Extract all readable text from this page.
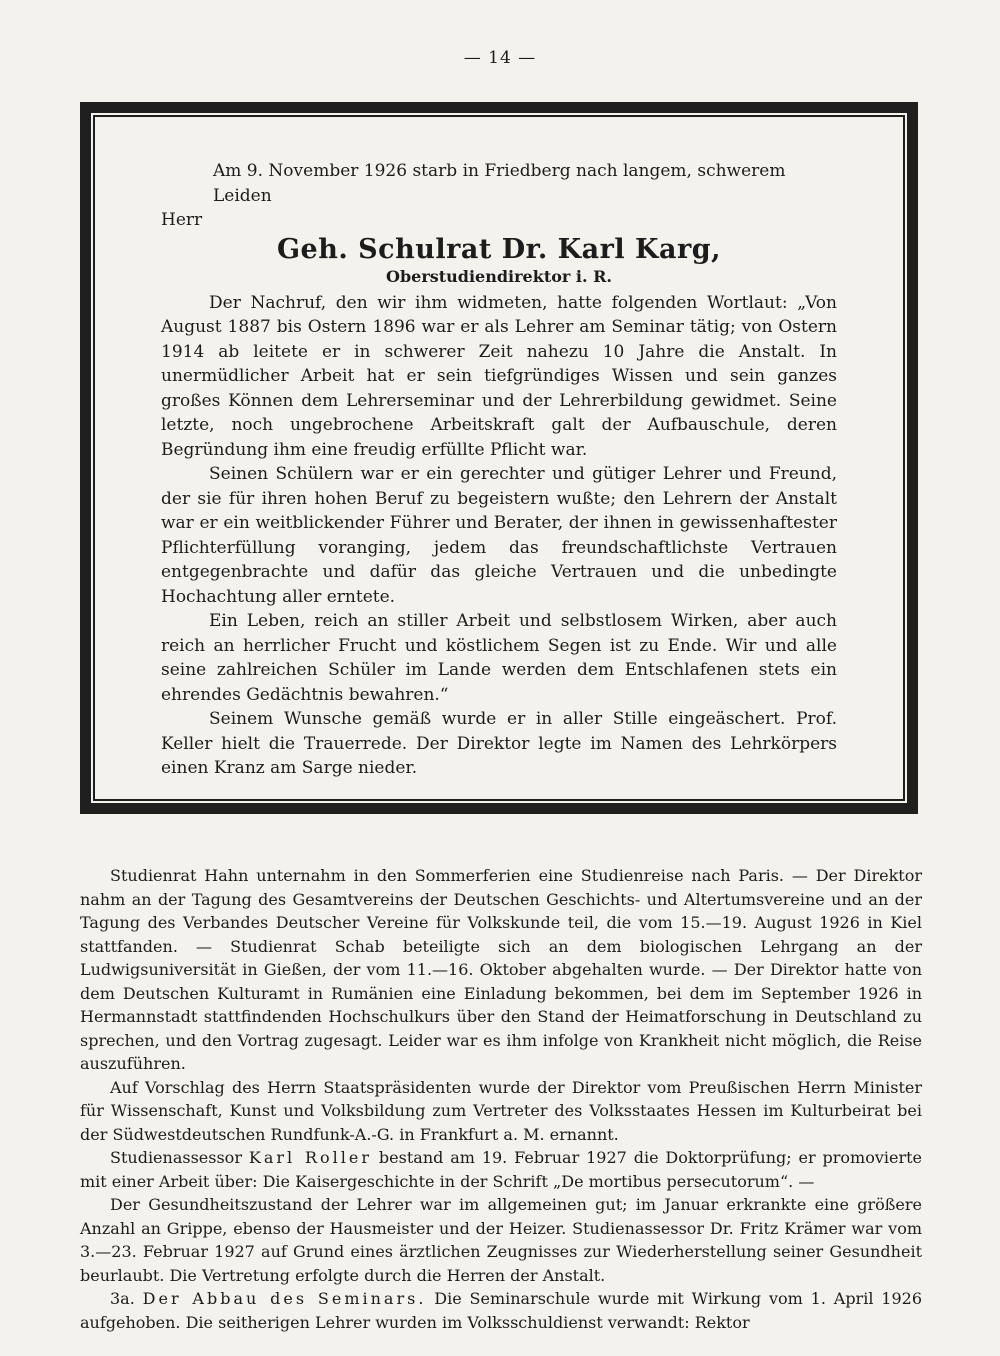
— 14 —
Am 9. November 1926 starb in Friedberg nach langem, schwerem Leiden
Herr
Geh. Schulrat Dr. Karl Karg,
Oberstudiendirektor i. R.

Der Nachruf, den wir ihm widmeten, hatte folgenden Wortlaut: „Von August 1887 bis Ostern 1896 war er als Lehrer am Seminar tätig; von Ostern 1914 ab leitete er in schwerer Zeit nahezu 10 Jahre die Anstalt. In unermüdlicher Arbeit hat er sein tiefgründiges Wissen und sein ganzes großes Können dem Lehrerseminar und der Lehrerbildung gewidmet. Seine letzte, noch ungebrochene Arbeitskraft galt der Aufbauschule, deren Begründung ihm eine freudig erfüllte Pflicht war.

Seinen Schülern war er ein gerechter und gütiger Lehrer und Freund, der sie für ihren hohen Beruf zu begeistern wußte; den Lehrern der Anstalt war er ein weitblickender Führer und Berater, der ihnen in gewissenhaftester Pflichterfüllung voranging, jedem das freundschaftlichste Vertrauen entgegenbrachte und dafür das gleiche Vertrauen und die unbedingte Hochachtung aller erntete.

Ein Leben, reich an stiller Arbeit und selbstlosem Wirken, aber auch reich an herrlicher Frucht und köstlichem Segen ist zu Ende. Wir und alle seine zahlreichen Schüler im Lande werden dem Entschlafenen stets ein ehrendes Gedächtnis bewahren.“

Seinem Wunsche gemäß wurde er in aller Stille eingeäschert. Prof. Keller hielt die Trauerrede. Der Direktor legte im Namen des Lehrkörpers einen Kranz am Sarge nieder.

Studienrat Hahn unternahm in den Sommerferien eine Studienreise nach Paris. — Der Direktor nahm an der Tagung des Gesamtvereins der Deutschen Geschichts- und Altertumsvereine und an der Tagung des Verbandes Deutscher Vereine für Volkskunde teil, die vom 15.—19. August 1926 in Kiel stattfanden. — Studienrat Schab beteiligte sich an dem biologischen Lehrgang an der Ludwigsuniversität in Gießen, der vom 11.—16. Oktober abgehalten wurde. — Der Direktor hatte von dem Deutschen Kulturamt in Rumänien eine Einladung bekommen, bei dem im September 1926 in Hermannstadt stattfindenden Hochschulkurs über den Stand der Heimatforschung in Deutschland zu sprechen, und den Vortrag zugesagt. Leider war es ihm infolge von Krankheit nicht möglich, die Reise auszuführen.

Auf Vorschlag des Herrn Staatspräsidenten wurde der Direktor vom Preußischen Herrn Minister für Wissenschaft, Kunst und Volksbildung zum Vertreter des Volksstaates Hessen im Kulturbeirat bei der Südwestdeutschen Rundfunk-A.-G. in Frankfurt a. M. ernannt.

Studienassessor Karl Roller bestand am 19. Februar 1927 die Doktorprüfung; er promovierte mit einer Arbeit über: Die Kaisergeschichte in der Schrift „De mortibus persecutorum“. —

Der Gesundheitszustand der Lehrer war im allgemeinen gut; im Januar erkrankte eine größere Anzahl an Grippe, ebenso der Hausmeister und der Heizer. Studienassessor Dr. Fritz Krämer war vom 3.—23. Februar 1927 auf Grund eines ärztlichen Zeugnisses zur Wiederherstellung seiner Gesundheit beurlaubt. Die Vertretung erfolgte durch die Herren der Anstalt.

3a. Der Abbau des Seminars. Die Seminarschule wurde mit Wirkung vom 1. April 1926 aufgehoben. Die seitherigen Lehrer wurden im Volksschuldienst verwandt: Rektor
